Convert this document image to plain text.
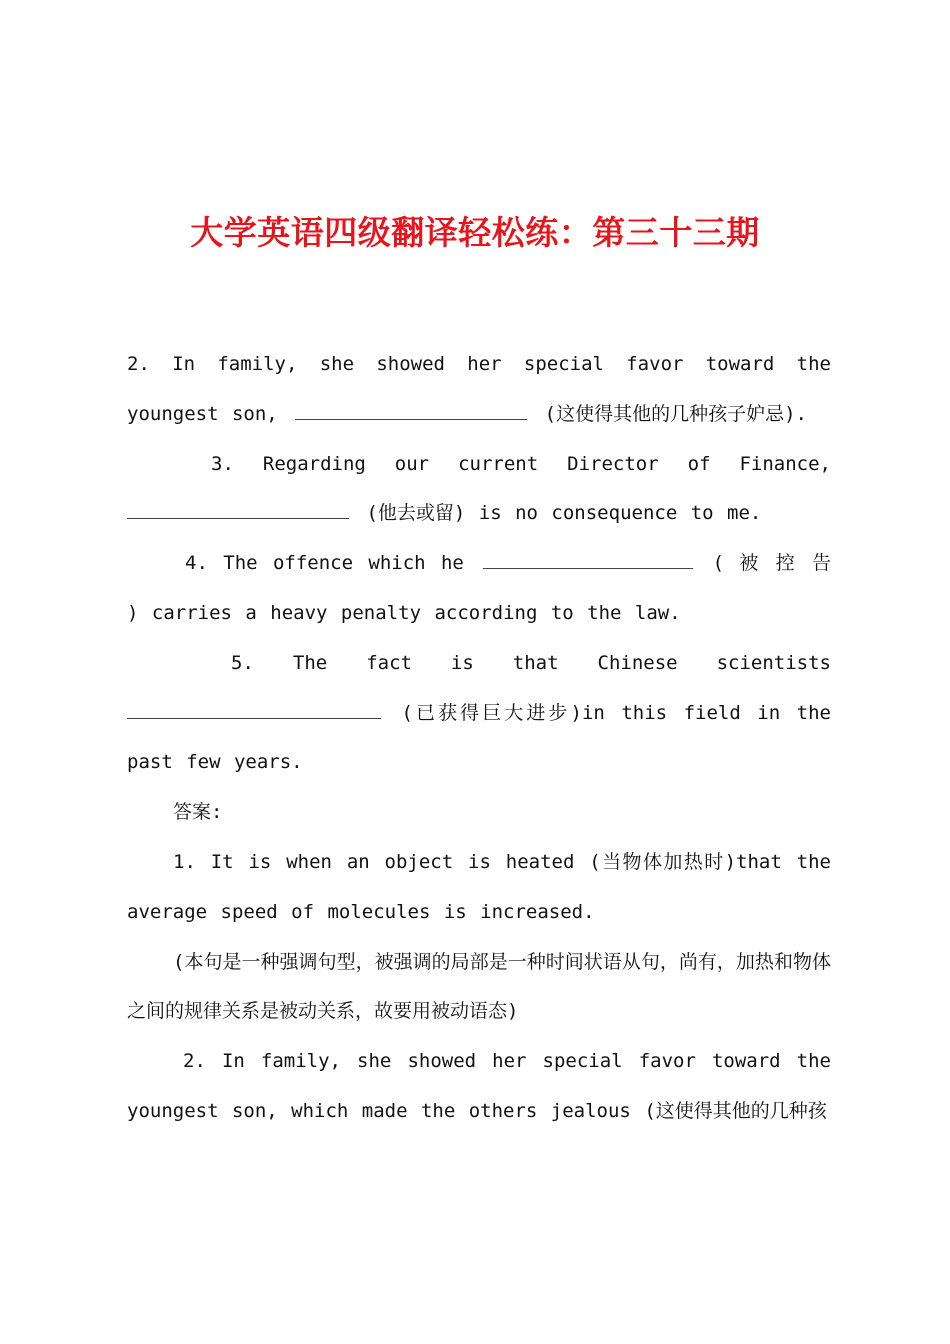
大学英语四级翻译轻松练：第三十三期

2. In family, she showed her special favor toward the youngest son,	(这使得其他的几种孩子妒忌).

3. Regarding our current Director of Finance,  (他去或留) is no consequence to me.

4. The offence which he	( 被 控 告 ) carries a heavy penalty according to the law.

5. The fact is that Chinese scientists  (已获得巨大进步)in this field in the past few years.

答案:

1. It is when an object is heated (当物体加热时)that the average speed of molecules is increased.

(本句是一种强调句型，被强调的局部是一种时间状语从句，尚有，加热和物体之间的规律关系是被动关系，故要用被动语态)

2. In family, she showed her special favor toward the youngest son, which made the others jealous (这使得其他的几种孩
